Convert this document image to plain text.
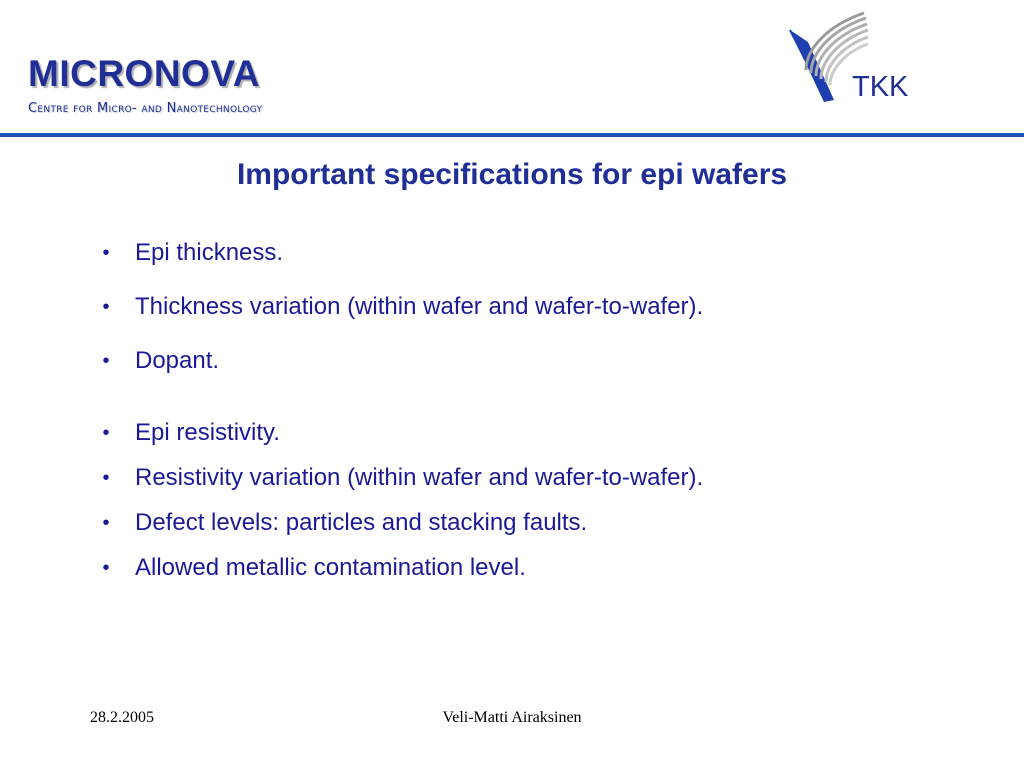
MICRONOVA
Centre for Micro- and Nanotechnology
TKK
Important specifications for epi wafers
• Epi thickness.
• Thickness variation (within wafer and wafer-to-wafer).
• Dopant.
• Epi resistivity.
• Resistivity variation (within wafer and wafer-to-wafer).
• Defect levels: particles and stacking faults.
• Allowed metallic contamination level.
28.2.2005	Veli-Matti Airaksinen
